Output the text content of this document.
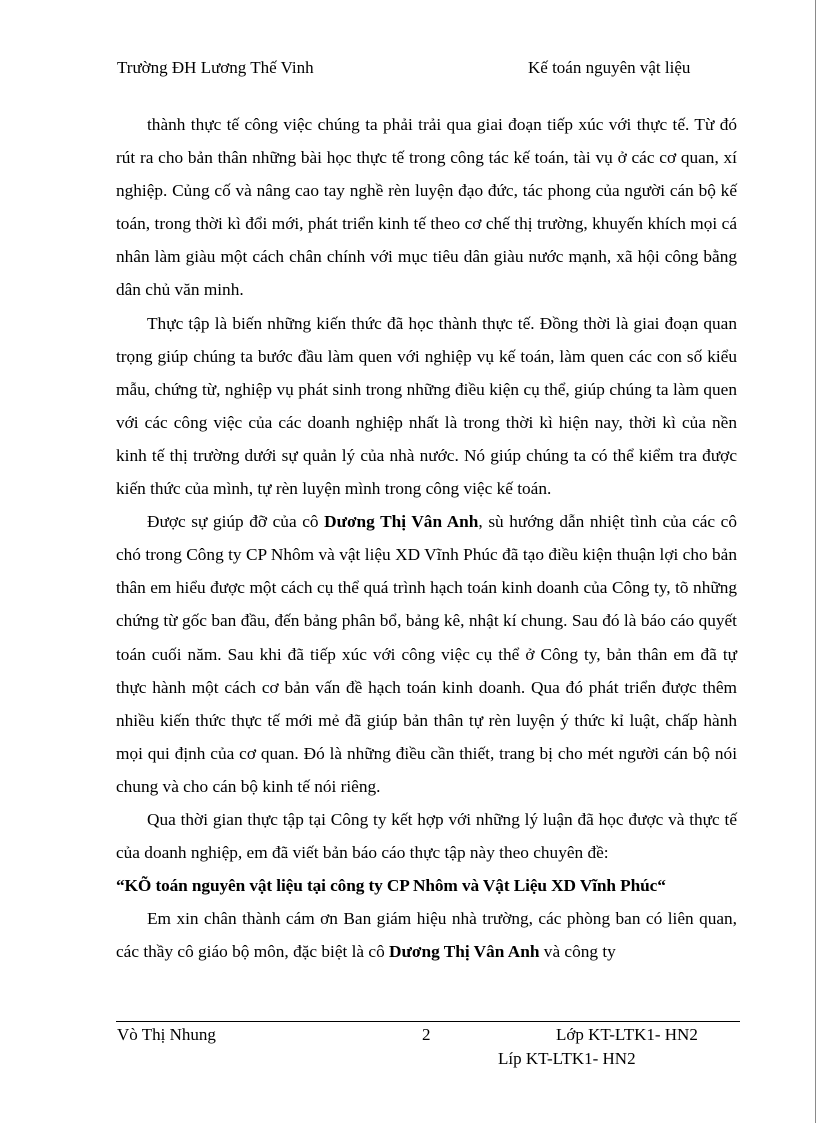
Trường ĐH Lương Thế Vinh	Kế toán nguyên vật liệu

thành thực tế công việc chúng ta phải trải qua giai đoạn tiếp xúc với thực tế. Từ đó rút ra cho bản thân những bài học thực tế trong công tác kế toán, tài vụ ở các cơ quan, xí nghiệp. Củng cố và nâng cao tay nghề rèn luyện đạo đức, tác phong của người cán bộ kế toán, trong thời kì đổi mới, phát triển kinh tế theo cơ chế thị trường, khuyến khích mọi cá nhân làm giàu một cách chân chính với mục tiêu dân giàu nước mạnh, xã hội công bằng dân chủ văn minh.

Thực tập là biến những kiến thức đã học thành thực tế. Đồng thời là giai đoạn quan trọng giúp chúng ta bước đầu làm quen với nghiệp vụ kế toán, làm quen các con số kiểu mẫu, chứng từ, nghiệp vụ phát sinh trong những điều kiện cụ thể, giúp chúng ta làm quen với các công việc của các doanh nghiệp nhất là trong thời kì hiện nay, thời kì của nền kinh tế thị trường dưới sự quản lý của nhà nước. Nó giúp chúng ta có thể kiểm tra được kiến thức của mình, tự rèn luyện mình trong công việc kế toán.

Được sự giúp đỡ của cô Dương Thị Vân Anh, sù hướng dẫn nhiệt tình của các cô chó trong Công ty CP Nhôm và vật liệu XD Vĩnh Phúc đã tạo điều kiện thuận lợi cho bản thân em hiểu được một cách cụ thể quá trình hạch toán kinh doanh của Công ty, tõ những chứng từ gốc ban đầu, đến bảng phân bổ, bảng kê, nhật kí chung. Sau đó là báo cáo quyết toán cuối năm. Sau khi đã tiếp xúc với công việc cụ thể ở Công ty, bản thân em đã tự thực hành một cách cơ bản vấn đề hạch toán kinh doanh. Qua đó phát triển được thêm nhiều kiến thức thực tế mới mẻ đã giúp bản thân tự rèn luyện ý thức kỉ luật, chấp hành mọi qui định của cơ quan. Đó là những điều cần thiết, trang bị cho mét người cán bộ nói chung và cho cán bộ kinh tế nói riêng.

Qua thời gian thực tập tại Công ty kết hợp với những lý luận đã học được và thực tế của doanh nghiệp, em đã viết bản báo cáo thực tập này theo chuyên đề:

“KÕ toán nguyên vật liệu tại công ty CP Nhôm và Vật Liệu XD Vĩnh Phúc“

Em xin chân thành cám ơn Ban giám hiệu nhà trường, các phòng ban có liên quan, các thầy cô giáo bộ môn, đặc biệt là cô Dương Thị Vân Anh và công ty

Vò Thị Nhung	2	Lớp KT-LTK1- HN2
Líp KT-LTK1- HN2
